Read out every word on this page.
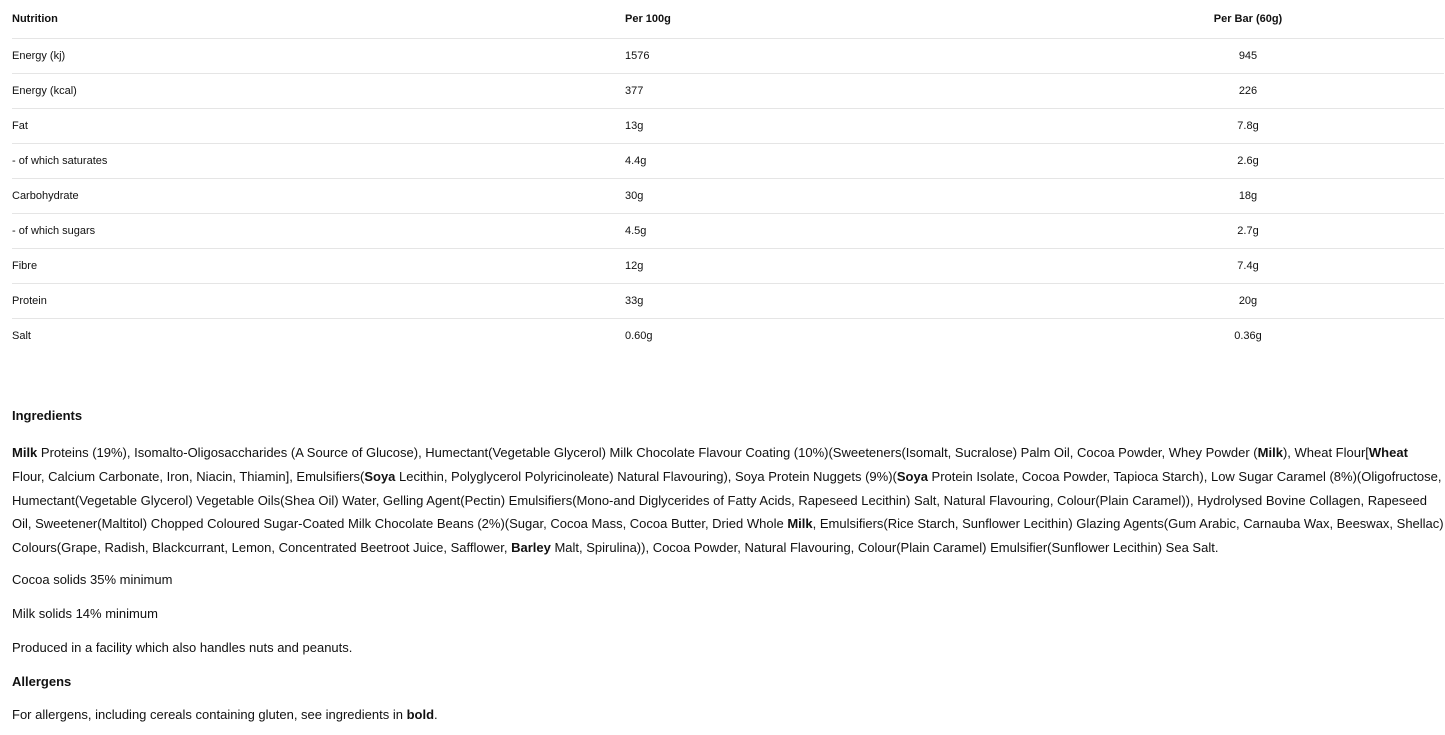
Nutrition	Per 100g	Per Bar (60g)	
Energy (kj)	1576	945	
Energy (kcal)	377	226	
Fat	13g	7.8g	
- of which saturates	4.4g	2.6g	
Carbohydrate	30g	18g	
- of which sugars	4.5g	2.7g	
Fibre	12g	7.4g	
Protein	33g	20g	
Salt	0.60g	0.36g	
Ingredients

Milk Proteins (19%), Isomalto-Oligosaccharides (A Source of Glucose), Humectant(Vegetable Glycerol) Milk Chocolate Flavour Coating (10%)(Sweeteners(Isomalt, Sucralose) Palm Oil, Cocoa Powder, Whey Powder (Milk), Wheat Flour[Wheat Flour, Calcium Carbonate, Iron, Niacin, Thiamin], Emulsifiers(Soya Lecithin, Polyglycerol Polyricinoleate) Natural Flavouring), Soya Protein Nuggets (9%)(Soya Protein Isolate, Cocoa Powder, Tapioca Starch), Low Sugar Caramel (8%)(Oligofructose, Humectant(Vegetable Glycerol) Vegetable Oils(Shea Oil) Water, Gelling Agent(Pectin) Emulsifiers(Mono-and Diglycerides of Fatty Acids, Rapeseed Lecithin) Salt, Natural Flavouring, Colour(Plain Caramel)), Hydrolysed Bovine Collagen, Rapeseed Oil, Sweetener(Maltitol) Chopped Coloured Sugar-Coated Milk Chocolate Beans (2%)(Sugar, Cocoa Mass, Cocoa Butter, Dried Whole Milk, Emulsifiers(Rice Starch, Sunflower Lecithin) Glazing Agents(Gum Arabic, Carnauba Wax, Beeswax, Shellac) Colours(Grape, Radish, Blackcurrant, Lemon, Concentrated Beetroot Juice, Safflower, Barley Malt, Spirulina)), Cocoa Powder, Natural Flavouring, Colour(Plain Caramel) Emulsifier(Sunflower Lecithin) Sea Salt.

Cocoa solids 35% minimum

Milk solids 14% minimum

Produced in a facility which also handles nuts and peanuts.

Allergens

For allergens, including cereals containing gluten, see ingredients in bold.
